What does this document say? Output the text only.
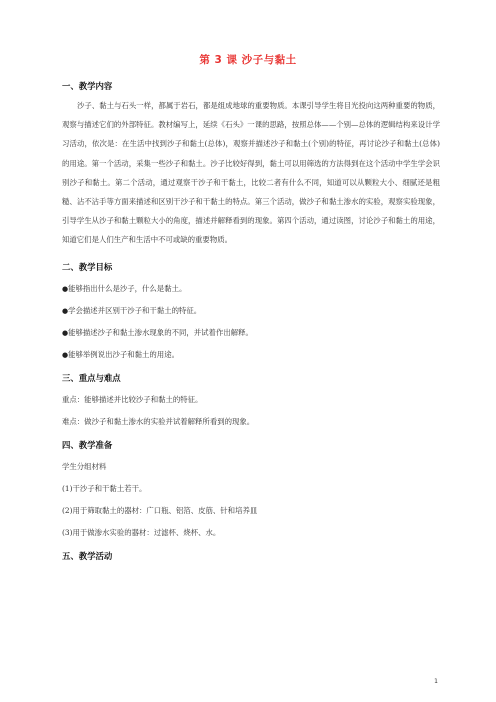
第 3 课 沙子与黏土

一、教学内容

沙子、黏土与石头一样，都属于岩石，都是组成地球的重要物质。本课引导学生将目光投向这两种重要的物质，观察与描述它们的外部特征。教材编写上，延续《石头》一课的思路，按照总体——个别—总体的逻辑结构来设计学习活动，依次是：在生活中找到沙子和黏土(总体)，观察并描述沙子和黏土(个别)的特征，再讨论沙子和黏土(总体)的用途。第一个活动，采集一些沙子和黏土。沙子比较好得到，黏土可以用筛选的方法得到在这个活动中学生学会识别沙子和黏土。第二个活动，通过观察干沙子和干黏土，比较二者有什么不同，知道可以从颗粒大小、细腻还是粗糙、沾不沾手等方面来描述和区别干沙子和干黏土的特点。第三个活动，做沙子和黏土渗水的实验，观察实验现象，引导学生从沙子和黏土颗粒大小的角度，描述并解释看到的现象。第四个活动，通过读图，讨论沙子和黏土的用途，知道它们是人们生产和生活中不可或缺的重要物质。

二、教学目标

● 能够指出什么是沙子，什么是黏土。

● 学会描述并区别干沙子和干黏土的特征。

● 能够描述沙子和黏土渗水现象的不同，并试着作出解释。

● 能够举例说出沙子和黏土的用途。

三、重点与难点

重点：能够描述并比较沙子和黏土的特征。

难点：做沙子和黏土渗水的实验并试着解释所看到的现象。

四、教学准备

学生分组材料

(1)干沙子和干黏土若干。

(2)用于筛取黏土的器材：广口瓶、铝箔、皮筋、针和培养皿

(3)用于做渗水实验的器材：过滤杯、烧杯、水。

五、教学活动

1
